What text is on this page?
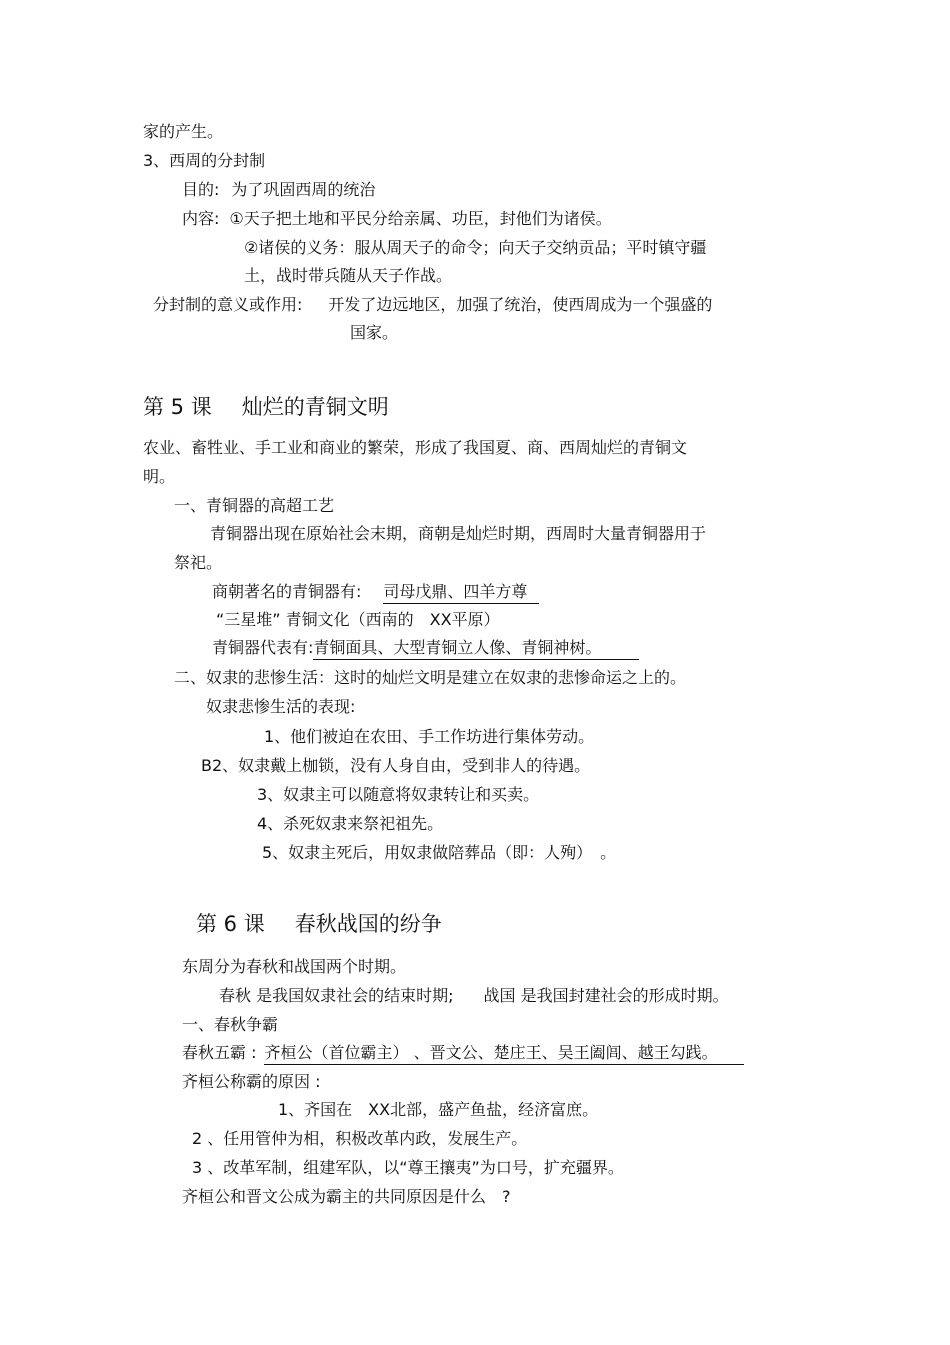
家的产生。
3、西周的分封制
目的: 为了巩固西周的统治
内容: ①天子把土地和平民分给亲属、功臣，封他们为诸侯。
②诸侯的义务：服从周天子的命令；向天子交纳贡品；平时镇守疆
土，战时带兵随从天子作战。
分封制的意义或作用: 开发了边远地区，加强了统治，使西周成为一个强盛的
国家。
第 5 课 灿烂的青铜文明
农业、畜牲业、手工业和商业的繁荣，形成了我国夏、商、西周灿烂的青铜文
明。
一、青铜器的高超工艺
青铜器出现在原始社会末期，商朝是灿烂时期，西周时大量青铜器用于
祭祀。
商朝著名的青铜器有: 司母戊鼎、四羊方尊
“三星堆” 青铜文化（西南的　XX平原）
青铜器代表有:青铜面具、大型青铜立人像、青铜神树。
二、奴隶的悲惨生活：这时的灿烂文明是建立在奴隶的悲惨命运之上的。
奴隶悲惨生活的表现:
1、他们被迫在农田、手工作坊进行集体劳动。
B2、奴隶戴上枷锁，没有人身自由，受到非人的待遇。
3、奴隶主可以随意将奴隶转让和买卖。
4、杀死奴隶来祭祀祖先。
5、奴隶主死后，用奴隶做陪葬品（即：人殉）　。
第 6 课 春秋战国的纷争
东周分为春秋和战国两个时期。
春秋 是我国奴隶社会的结束时期; 战国 是我国封建社会的形成时期。
一、春秋争霸
春秋五霸 : 齐桓公（首位霸主） 、晋文公、楚庄王、吴王阖闾、越王勾践。
齐桓公称霸的原因 :
1、齐国在　XX北部，盛产鱼盐，经济富庶。
2 、任用管仲为相，积极改革内政，发展生产。
3 、改革军制，组建军队，以“尊王攘夷”为口号，扩充疆界。
齐桓公和晋文公成为霸主的共同原因是什么　?
